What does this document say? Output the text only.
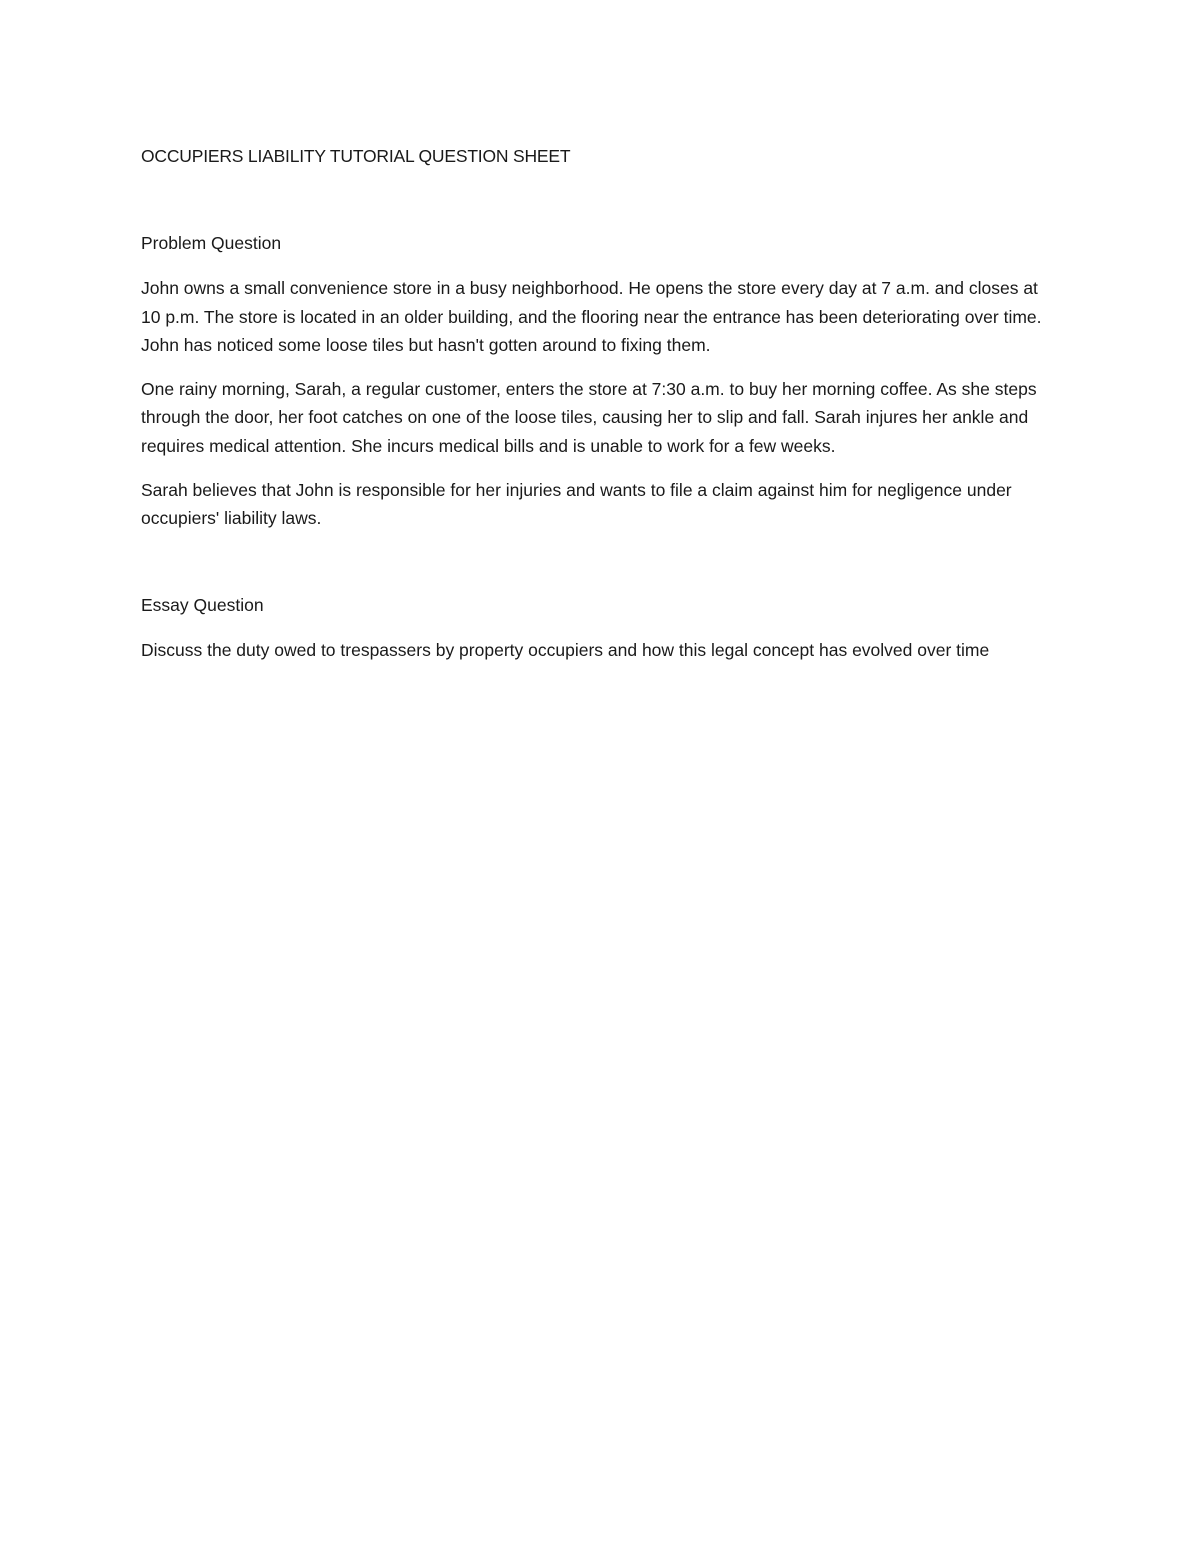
OCCUPIERS LIABILITY TUTORIAL QUESTION SHEET
Problem Question

John owns a small convenience store in a busy neighborhood. He opens the store every day at 7 a.m. and closes at 10 p.m. The store is located in an older building, and the flooring near the entrance has been deteriorating over time. John has noticed some loose tiles but hasn't gotten around to fixing them.

One rainy morning, Sarah, a regular customer, enters the store at 7:30 a.m. to buy her morning coffee. As she steps through the door, her foot catches on one of the loose tiles, causing her to slip and fall. Sarah injures her ankle and requires medical attention. She incurs medical bills and is unable to work for a few weeks.

Sarah believes that John is responsible for her injuries and wants to file a claim against him for negligence under occupiers' liability laws.

Essay Question

Discuss the duty owed to trespassers by property occupiers and how this legal concept has evolved over time
